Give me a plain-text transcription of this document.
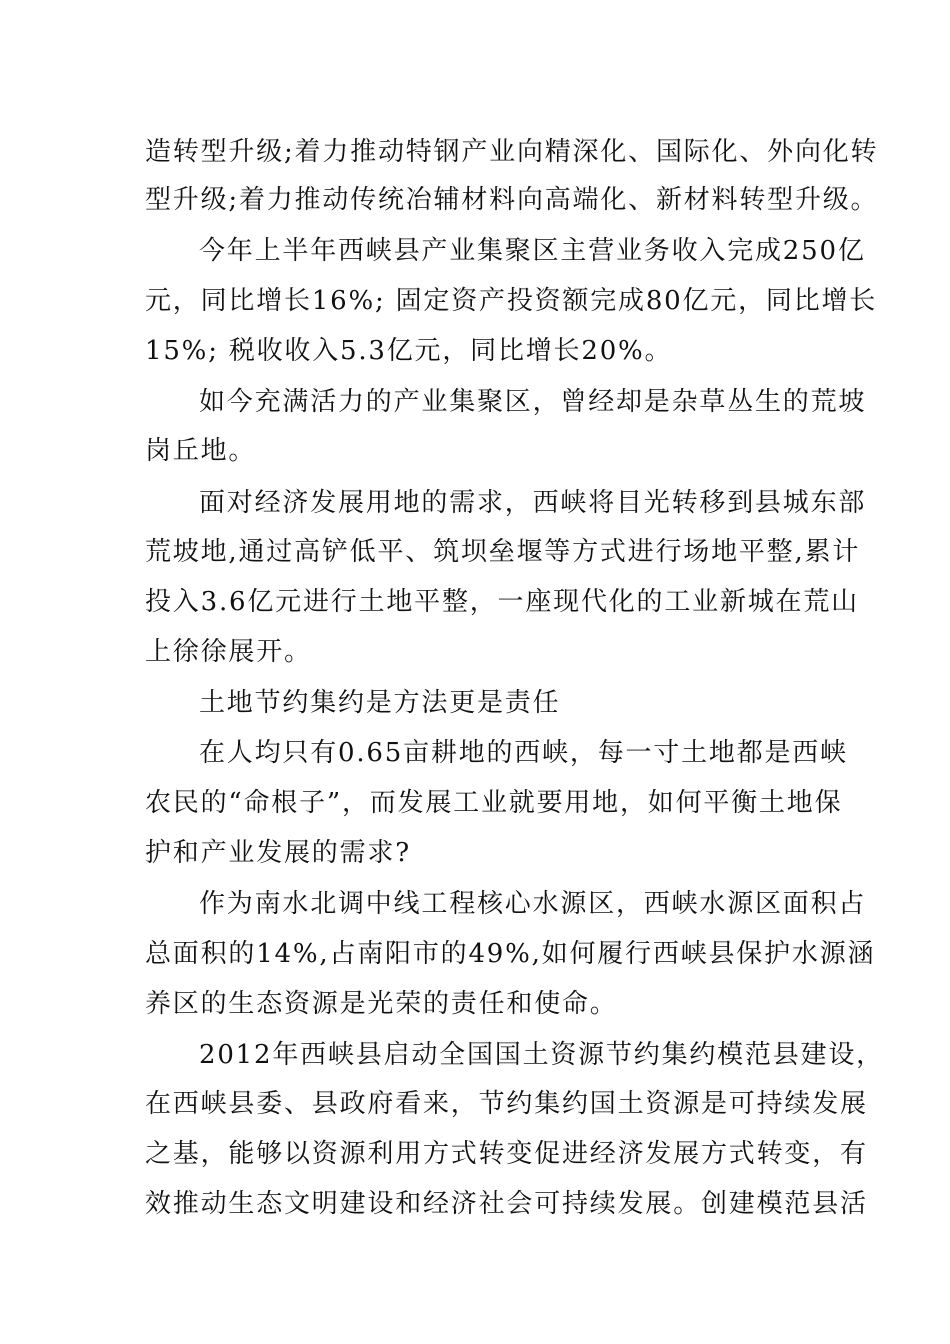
造转型升级;着力推动特钢产业向精深化、国际化、外向化转
型升级;着力推动传统冶辅材料向高端化、新材料转型升级。
今年上半年西峡县产业集聚区主营业务收入完成250亿
元，同比增长16%; 固定资产投资额完成80亿元，同比增长
15%; 税收收入5.3亿元，同比增长20%。
如今充满活力的产业集聚区，曾经却是杂草丛生的荒坡
岗丘地。
面对经济发展用地的需求，西峡将目光转移到县城东部
荒坡地,通过高铲低平、筑坝垒堰等方式进行场地平整,累计
投入3.6亿元进行土地平整，一座现代化的工业新城在荒山
上徐徐展开。
土地节约集约是方法更是责任
在人均只有0.65亩耕地的西峡，每一寸土地都是西峡
农民的“命根子”，而发展工业就要用地，如何平衡土地保
护和产业发展的需求?
作为南水北调中线工程核心水源区，西峡水源区面积占
总面积的14%,占南阳市的49%,如何履行西峡县保护水源涵
养区的生态资源是光荣的责任和使命。
2012年西峡县启动全国国土资源节约集约模范县建设，
在西峡县委、县政府看来，节约集约国土资源是可持续发展
之基，能够以资源利用方式转变促进经济发展方式转变，有
效推动生态文明建设和经济社会可持续发展。创建模范县活
